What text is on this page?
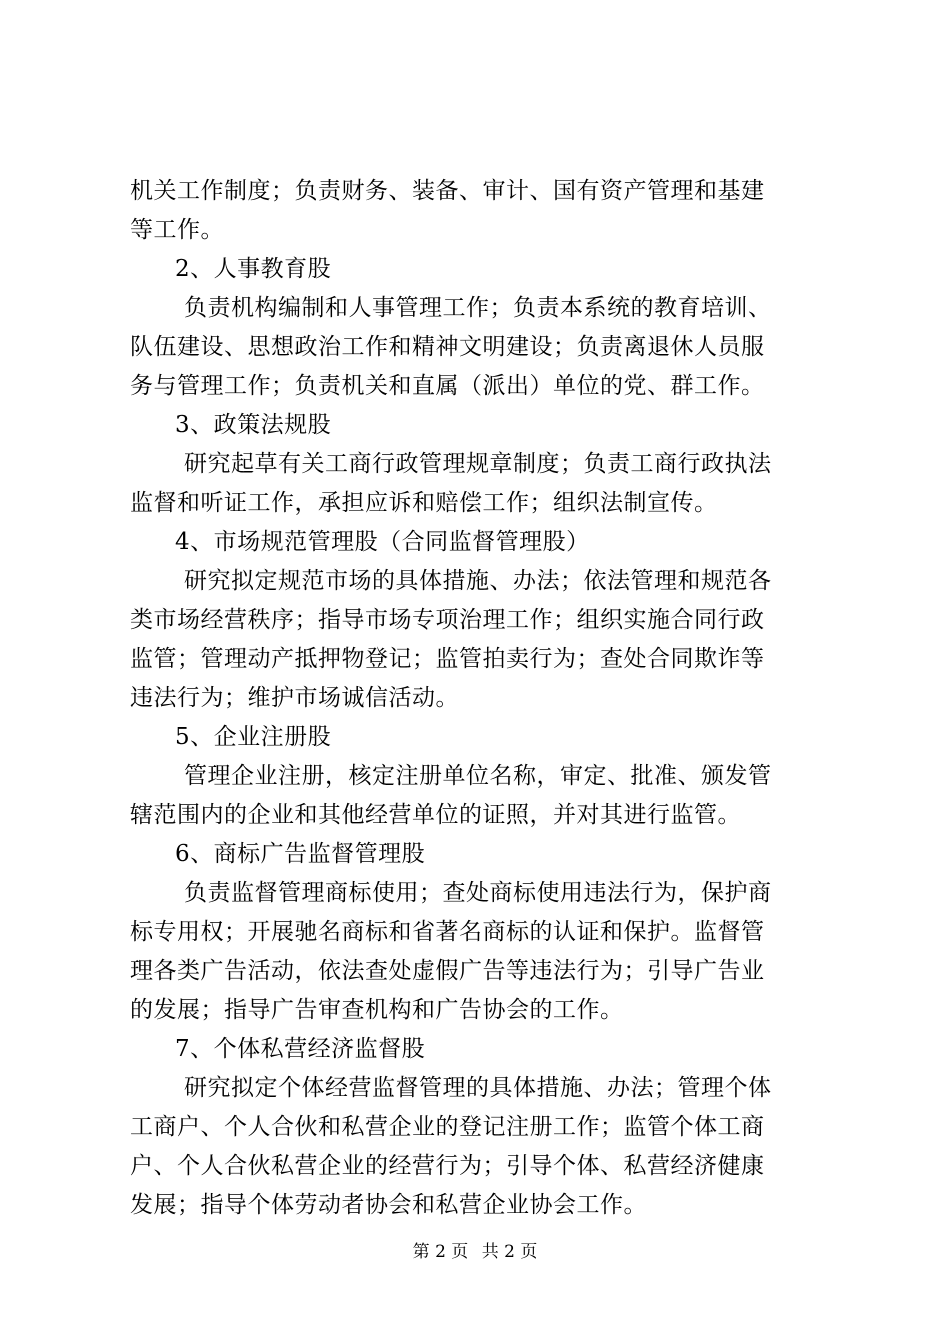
机关工作制度；负责财务、装备、审计、国有资产管理和基建
等工作。
2、人事教育股
负责机构编制和人事管理工作；负责本系统的教育培训、
队伍建设、思想政治工作和精神文明建设；负责离退休人员服
务与管理工作；负责机关和直属（派出）单位的党、群工作。
3、政策法规股
研究起草有关工商行政管理规章制度；负责工商行政执法
监督和听证工作，承担应诉和赔偿工作；组织法制宣传。
4、市场规范管理股（合同监督管理股）
研究拟定规范市场的具体措施、办法；依法管理和规范各
类市场经营秩序；指导市场专项治理工作；组织实施合同行政
监管；管理动产抵押物登记；监管拍卖行为；查处合同欺诈等
违法行为；维护市场诚信活动。
5、企业注册股
管理企业注册，核定注册单位名称，审定、批准、颁发管
辖范围内的企业和其他经营单位的证照，并对其进行监管。
6、商标广告监督管理股
负责监督管理商标使用；查处商标使用违法行为，保护商
标专用权；开展驰名商标和省著名商标的认证和保护。监督管
理各类广告活动，依法查处虚假广告等违法行为；引导广告业
的发展；指导广告审查机构和广告协会的工作。
7、个体私营经济监督股
研究拟定个体经营监督管理的具体措施、办法；管理个体
工商户、个人合伙和私营企业的登记注册工作；监管个体工商
户、个人合伙私营企业的经营行为；引导个体、私营经济健康
发展；指导个体劳动者协会和私营企业协会工作。
第 2 页 共 2 页
